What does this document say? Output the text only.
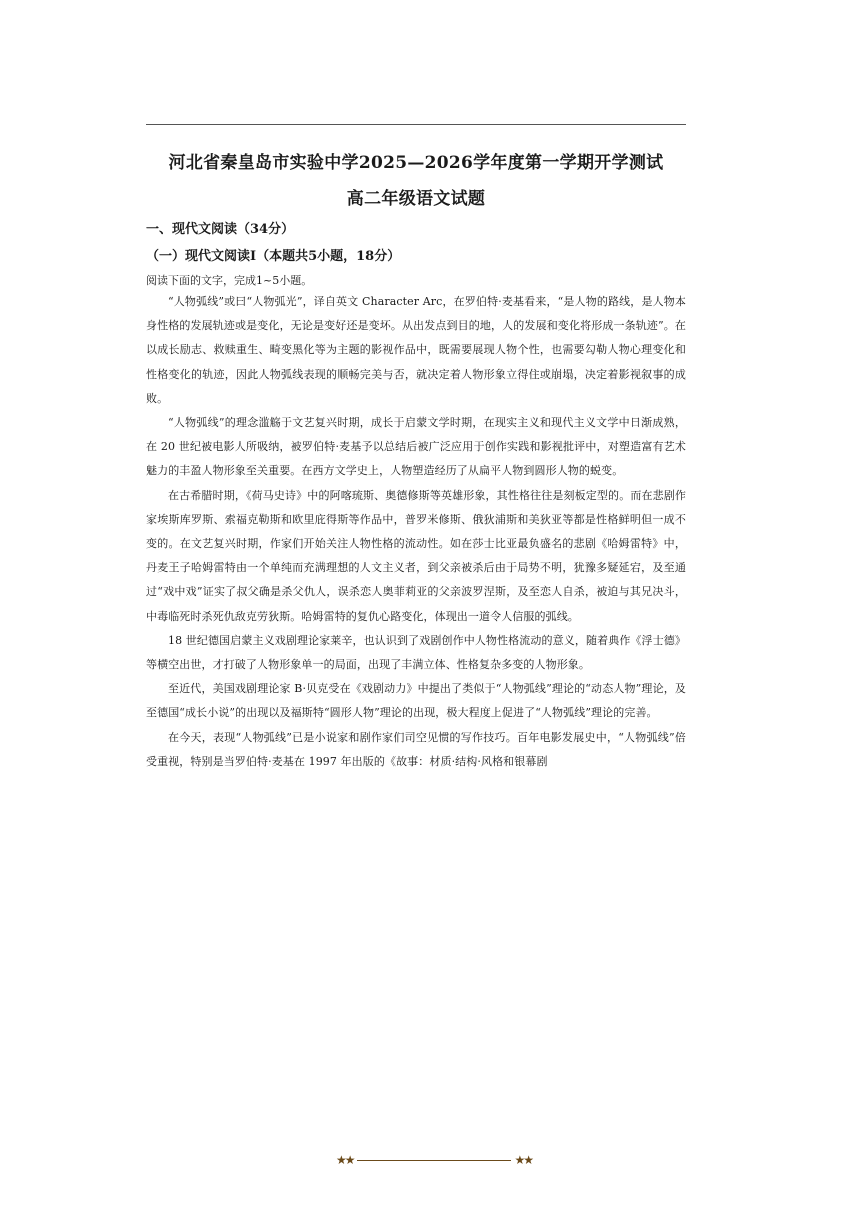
河北省秦皇岛市实验中学2025—2026学年度第一学期开学测试
高二年级语文试题
一、现代文阅读（34分）
（一）现代文阅读Ⅰ（本题共5小题，18分）
阅读下面的文字，完成1~5小题。

“人物弧线”或曰“人物弧光”，译自英文 Character Arc，在罗伯特·麦基看来，“是人物的路线，是人物本身性格的发展轨迹或是变化，无论是变好还是变坏。从出发点到目的地，人的发展和变化将形成一条轨迹”。在以成长励志、救赎重生、畸变黑化等为主题的影视作品中，既需要展现人物个性，也需要勾勒人物心理变化和性格变化的轨迹，因此人物弧线表现的顺畅完美与否，就决定着人物形象立得住或崩塌，决定着影视叙事的成败。

“人物弧线”的理念滥觞于文艺复兴时期，成长于启蒙文学时期，在现实主义和现代主义文学中日渐成熟，在 20 世纪被电影人所吸纳，被罗伯特·麦基予以总结后被广泛应用于创作实践和影视批评中，对塑造富有艺术魅力的丰盈人物形象至关重要。在西方文学史上，人物塑造经历了从扁平人物到圆形人物的蜕变。

在古希腊时期，《荷马史诗》中的阿喀琉斯、奥德修斯等英雄形象，其性格往往是刻板定型的。而在悲剧作家埃斯库罗斯、索福克勒斯和欧里庇得斯等作品中，普罗米修斯、俄狄浦斯和美狄亚等都是性格鲜明但一成不变的。在文艺复兴时期，作家们开始关注人物性格的流动性。如在莎士比亚最负盛名的悲剧《哈姆雷特》中，丹麦王子哈姆雷特由一个单纯而充满理想的人文主义者，到父亲被杀后由于局势不明，犹豫多疑延宕，及至通过“戏中戏”证实了叔父确是杀父仇人，误杀恋人奥菲莉亚的父亲波罗涅斯，及至恋人自杀，被迫与其兄决斗，中毒临死时杀死仇敌克劳狄斯。哈姆雷特的复仇心路变化，体现出一道令人信服的弧线。

18 世纪德国启蒙主义戏剧理论家莱辛，也认识到了戏剧创作中人物性格流动的意义，随着典作《浮士德》等横空出世，才打破了人物形象单一的局面，出现了丰满立体、性格复杂多变的人物形象。

至近代，美国戏剧理论家 B·贝克受在《戏剧动力》中提出了类似于“人物弧线”理论的“动态人物”理论，及至德国“成长小说”的出现以及福斯特“圆形人物”理论的出现，极大程度上促进了“人物弧线”理论的完善。

在今天，表现“人物弧线”已是小说家和剧作家们司空见惯的写作技巧。百年电影发展史中，“人物弧线”倍受重视，特别是当罗伯特·麦基在 1997 年出版的《故事：材质·结构·风格和银幕剧

★★	★★
